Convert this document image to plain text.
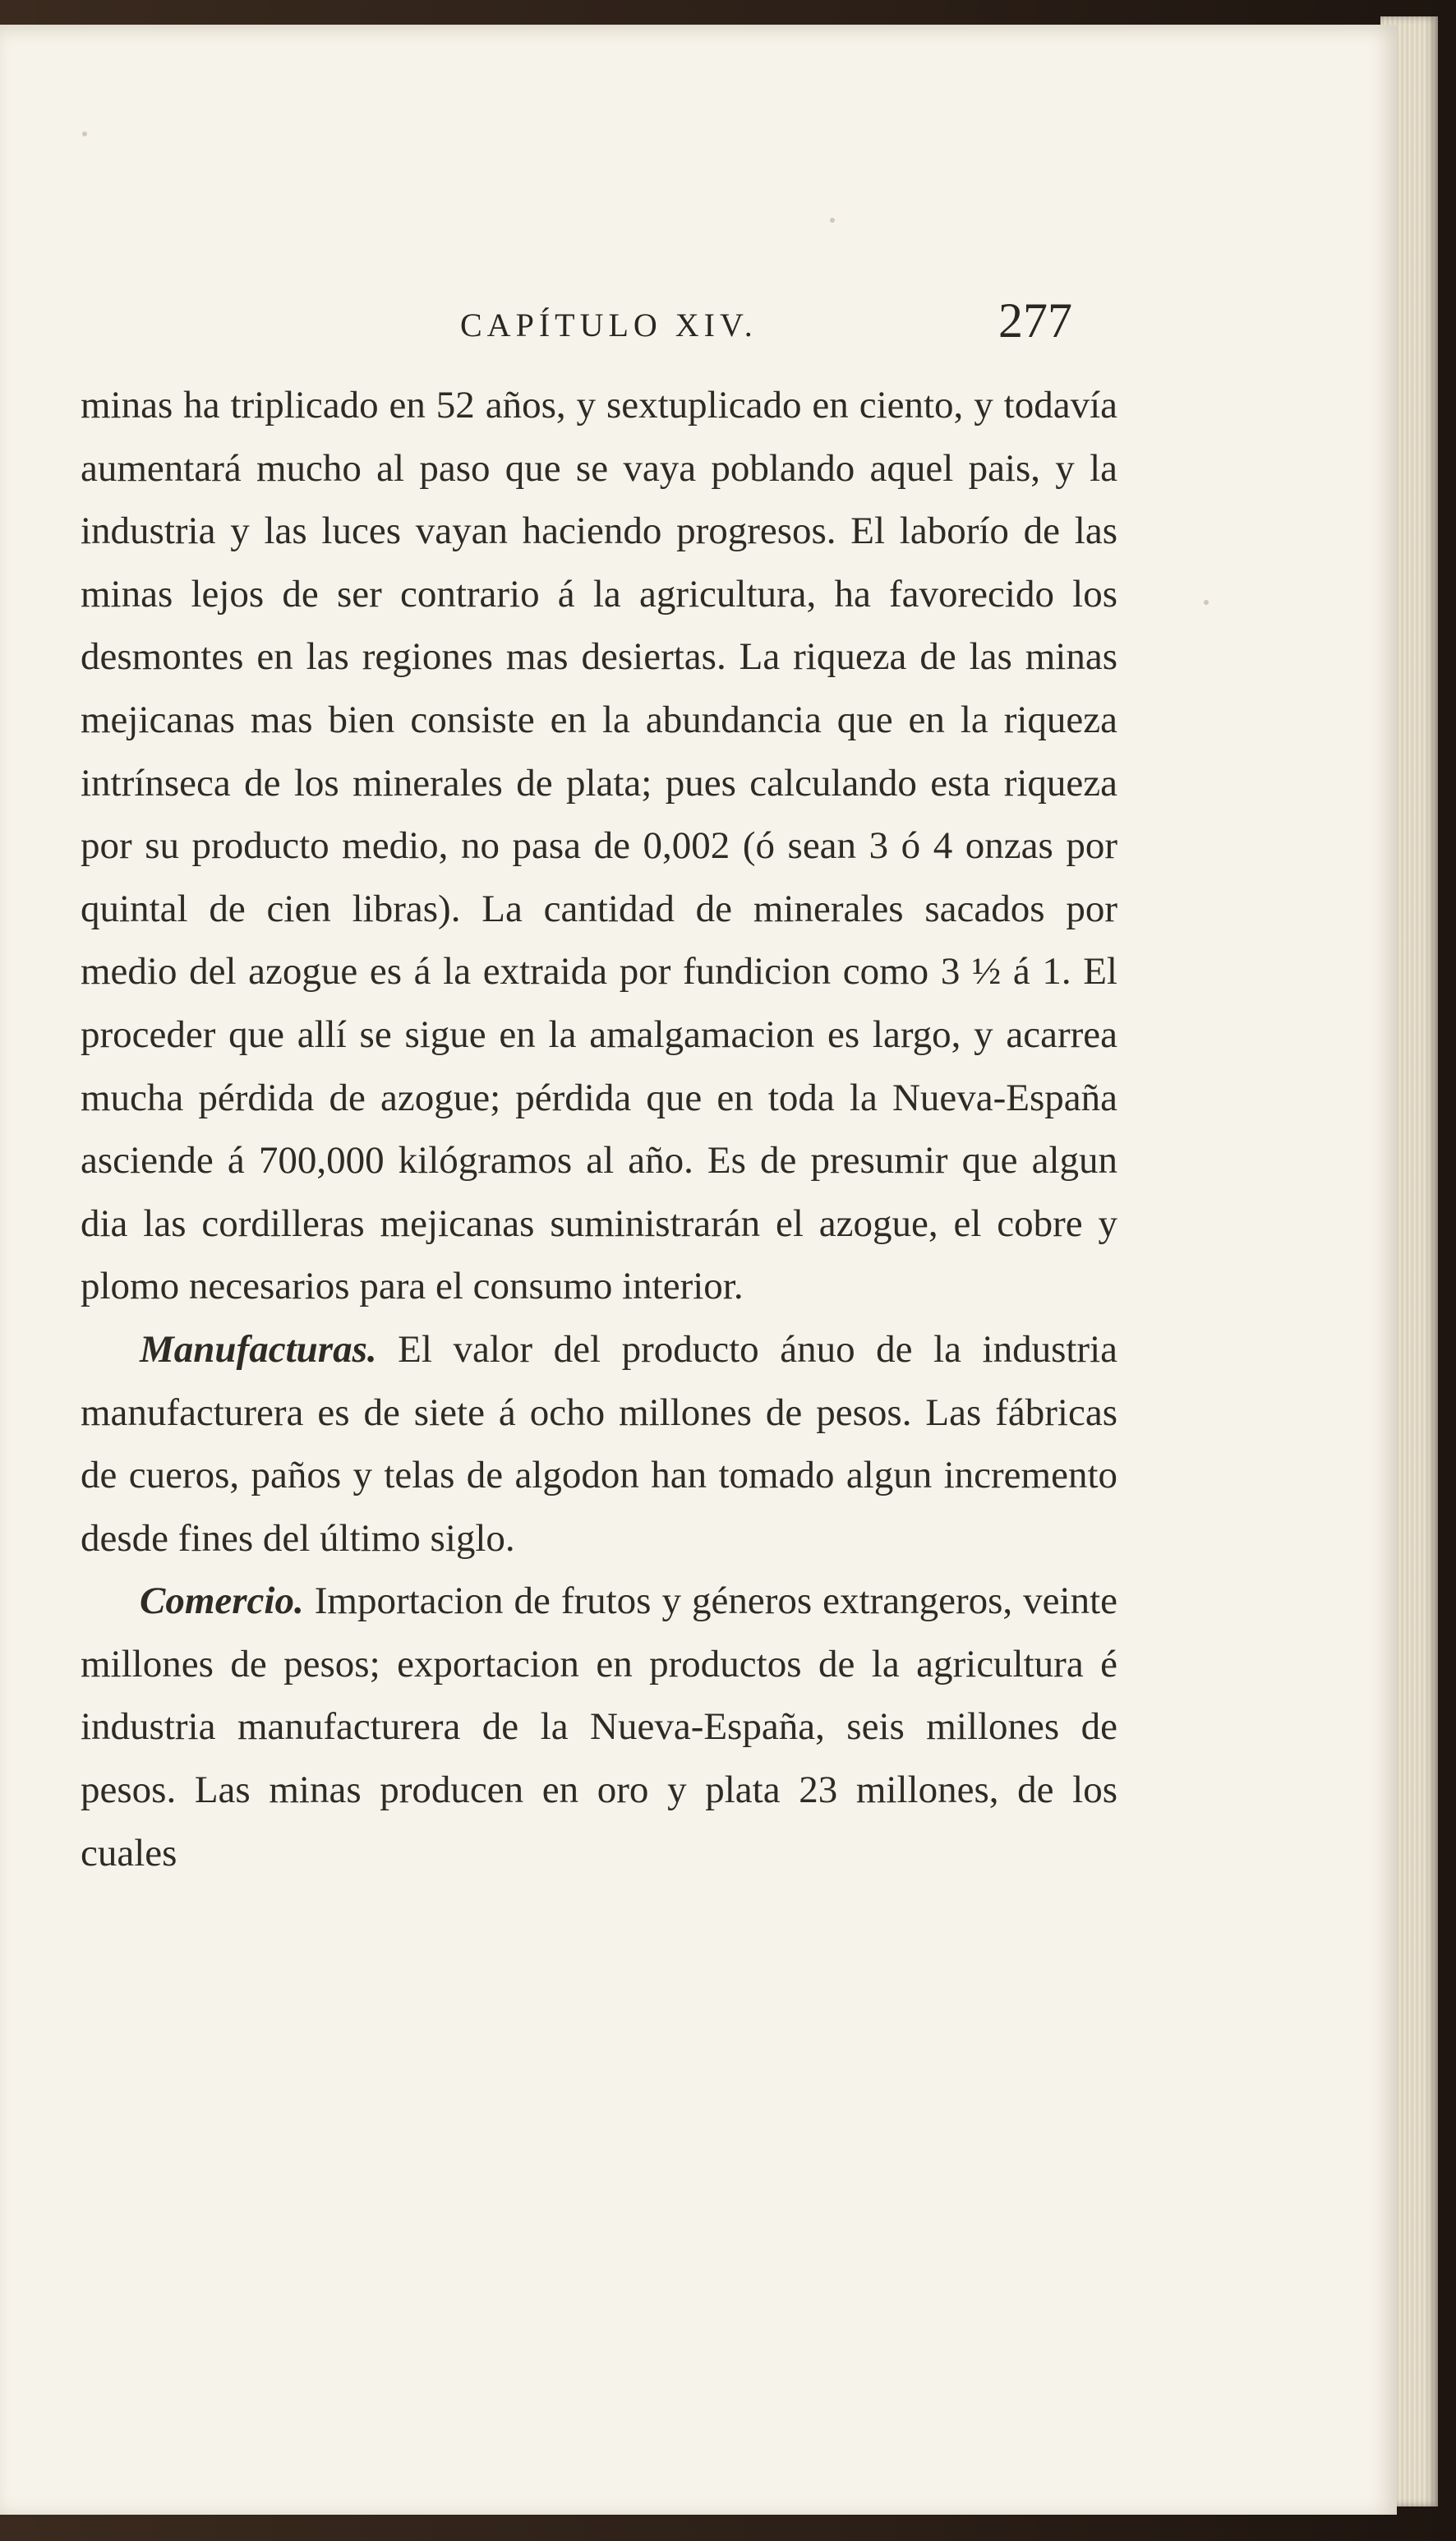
CAPÍTULO XIV.	277

minas ha triplicado en 52 años, y sextuplicado en ciento, y todavía aumentará mucho al paso que se vaya poblando aquel pais, y la industria y las luces vayan haciendo progresos. El laborío de las minas lejos de ser contrario á la agricultura, ha favorecido los desmontes en las regiones mas desiertas. La riqueza de las minas mejicanas mas bien consiste en la abundancia que en la riqueza intrínseca de los minerales de plata; pues calculando esta riqueza por su producto medio, no pasa de 0,002 (ó sean 3 ó 4 onzas por quintal de cien libras). La cantidad de minerales sacados por medio del azogue es á la extraida por fundicion como 3 ½ á 1. El proceder que allí se sigue en la amalgamacion es largo, y acarrea mucha pérdida de azogue; pérdida que en toda la Nueva-España asciende á 700,000 kilógramos al año. Es de presumir que algun dia las cordilleras mejicanas suministrarán el azogue, el cobre y plomo necesarios para el consumo interior.

Manufacturas. El valor del producto ánuo de la industria manufacturera es de siete á ocho millones de pesos. Las fábricas de cueros, paños y telas de algodon han tomado algun incremento desde fines del último siglo.

Comercio. Importacion de frutos y géneros extrangeros, veinte millones de pesos; exportacion en productos de la agricultura é industria manufacturera de la Nueva-España, seis millones de pesos. Las minas producen en oro y plata 23 millones, de los cuales
